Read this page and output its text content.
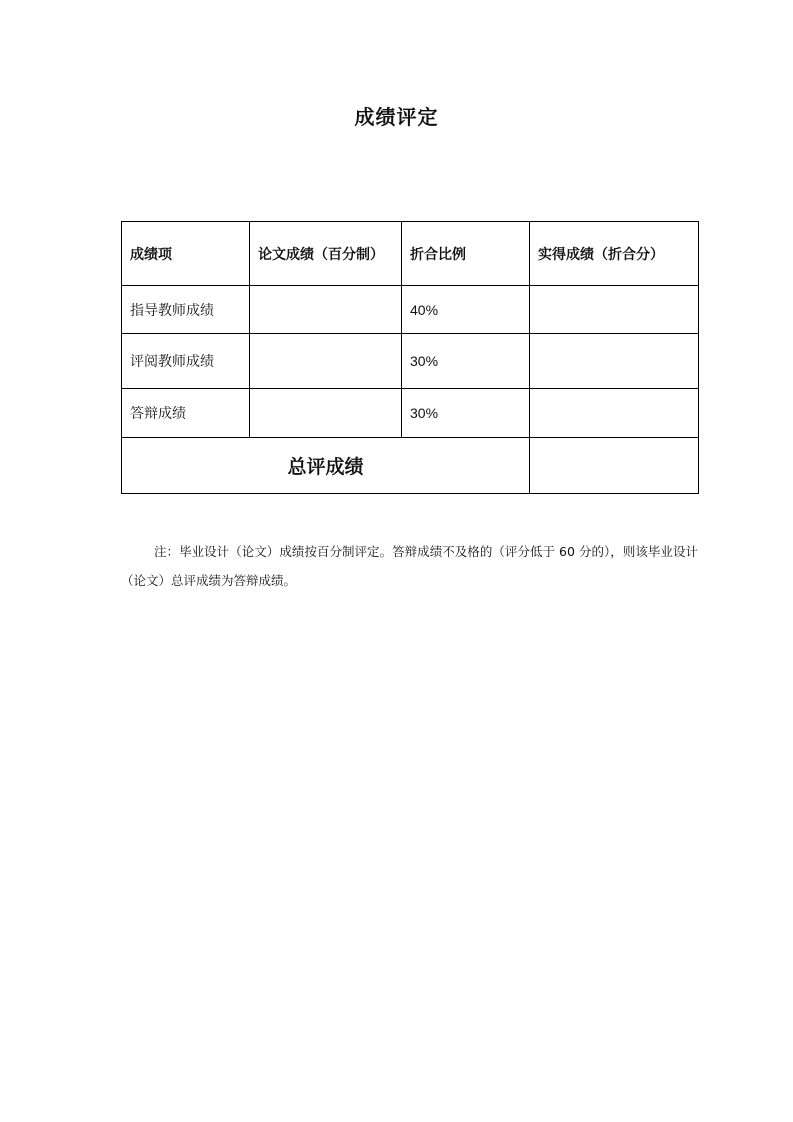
成绩评定
成绩项	论文成绩（百分制）	折合比例	实得成绩（折合分）
指导教师成绩		40%	
评阅教师成绩		30%	
答辩成绩		30%	
总评成绩			
注：毕业设计（论文）成绩按百分制评定。答辩成绩不及格的（评分低于 60 分的），则该毕业设计（论文）总评成绩为答辩成绩。
